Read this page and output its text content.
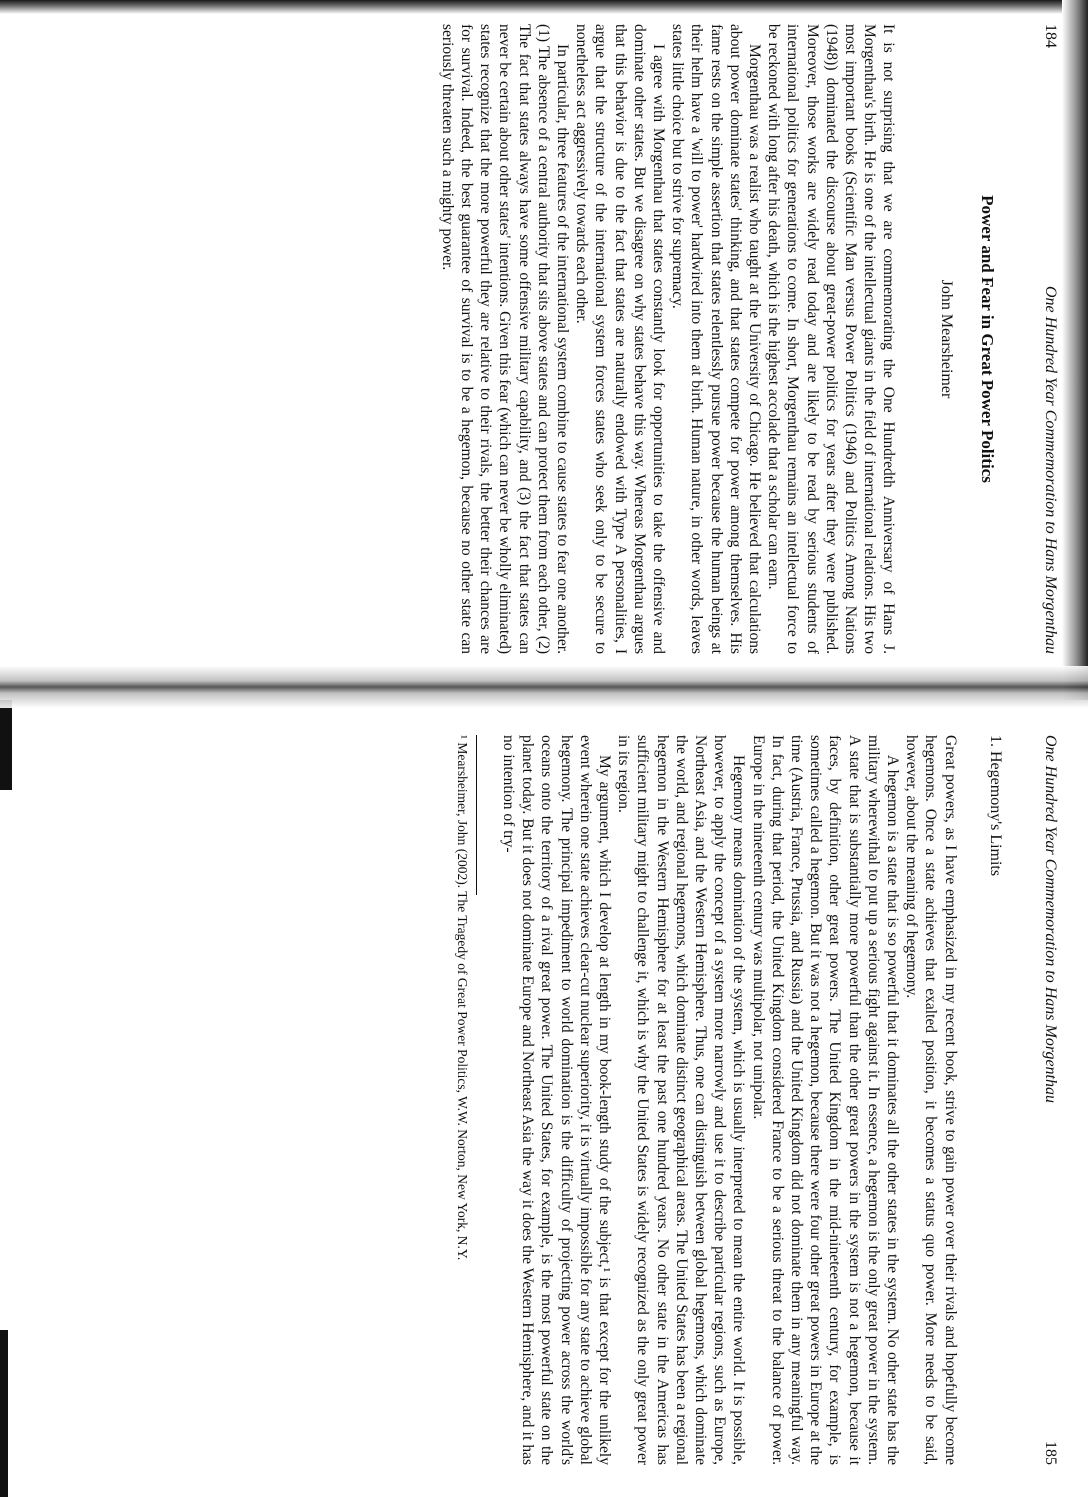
184
One Hundred Year Commemoration to Hans Morgenthau

Power and Fear in Great Power Politics

John Mearsheimer

It is not surprising that we are commemorating the One Hundredth Anniversary of Hans J. Morgenthau's birth. He is one of the intellectual giants in the field of international relations. His two most important books (Scientific Man versus Power Politics (1946) and Politics Among Nations (1948)) dominated the discourse about great-power politics for years after they were published. Moreover, those works are widely read today and are likely to be read by serious students of international politics for generations to come. In short, Morgenthau remains an intellectual force to be reckoned with long after his death, which is the highest accolade that a scholar can earn.

Morgenthau was a realist who taught at the University of Chicago. He believed that calculations about power dominate states' thinking, and that states compete for power among themselves. His fame rests on the simple assertion that states relentlessly pursue power because the human beings at their helm have a 'will to power' hardwired into them at birth. Human nature, in other words, leaves states little choice but to strive for supremacy.

I agree with Morgenthau that states constantly look for opportunities to take the offensive and dominate other states. But we disagree on why states behave this way. Whereas Morgenthau argues that this behavior is due to the fact that states are naturally endowed with Type A personalities, I argue that the structure of the international system forces states who seek only to be secure to nonetheless act aggressively towards each other.

In particular, three features of the international system combine to cause states to fear one another. (1) The absence of a central authority that sits above states and can protect them from each other, (2) The fact that states always have some offensive military capability, and (3) the fact that states can never be certain about other states' intentions. Given this fear (which can never be wholly eliminated) states recognize that the more powerful they are relative to their rivals, the better their chances are for survival. Indeed, the best guarantee of survival is to be a hegemon, because no other state can seriously threaten such a mighty power.

One Hundred Year Commemoration to Hans Morgenthau
185

1. Hegemony's Limits

Great powers, as I have emphasized in my recent book, strive to gain power over their rivals and hopefully become hegemons. Once a state achieves that exalted position, it becomes a status quo power. More needs to be said, however, about the meaning of hegemony.

A hegemon is a state that is so powerful that it dominates all the other states in the system. No other state has the military wherewithal to put up a serious fight against it. In essence, a hegemon is the only great power in the system. A state that is substantially more powerful than the other great powers in the system is not a hegemon, because it faces, by definition, other great powers. The United Kingdom in the mid-nineteenth century, for example, is sometimes called a hegemon. But it was not a hegemon, because there were four other great powers in Europe at the time (Austria, France, Prussia, and Russia) and the United Kingdom did not dominate them in any meaningful way. In fact, during that period, the United Kingdom considered France to be a serious threat to the balance of power. Europe in the nineteenth century was multipolar, not unipolar.

Hegemony means domination of the system, which is usually interpreted to mean the entire world. It is possible, however, to apply the concept of a system more narrowly and use it to describe particular regions, such as Europe, Northeast Asia, and the Western Hemisphere. Thus, one can distinguish between global hegemons, which dominate the world, and regional hegemons, which dominate distinct geographical areas. The United States has been a regional hegemon in the Western Hemisphere for at least the past one hundred years. No other state in the Americas has sufficient military might to challenge it, which is why the United States is widely recognized as the only great power in its region.

My argument, which I develop at length in my book-length study of the subject,¹ is that except for the unlikely event wherein one state achieves clear-cut nuclear superiority, it is virtually impossible for any state to achieve global hegemony. The principal impediment to world domination is the difficulty of projecting power across the world's oceans onto the territory of a rival great power. The United States, for example, is the most powerful state on the planet today. But it does not dominate Europe and Northeast Asia the way it does the Western Hemisphere, and it has no intention of try-

¹ Mearsheimer, John (2002). The Tragedy of Great Power Politics, W.W. Norton, New York, N.Y.
